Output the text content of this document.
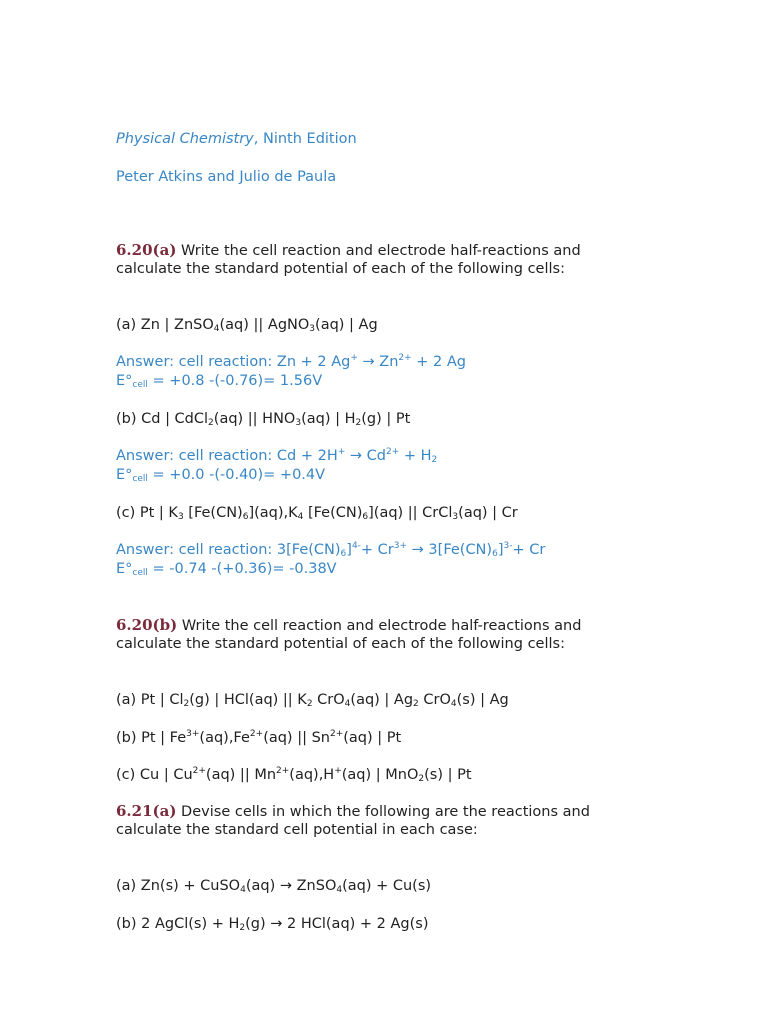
Physical Chemistry, Ninth Edition
Peter Atkins and Julio de Paula
6.20(a) Write the cell reaction and electrode half-reactions and
calculate the standard potential of each of the following cells:
(a) Zn | ZnSO$_4$(aq) || AgNO$_3$(aq) | Ag
Answer: cell reaction: Zn + 2 $Ag^+ \to Zn^{2+} + 2$ Ag
$E^\circ_{cell} = +0.8$ -(-0.76)= 1.56V
(b) Cd | CdCl$_2$(aq) || $HNO_3(aq)$ | $H_2(g)$ | Pt
Answer: cell reaction: $Cd + 2H^+ \to Cd^{2+} + H_2$
$E^\circ_{cell} = +0.0$ -(-0.40)= +0.4V
(c) Pt | $K_3$ $[Fe(CN)_6](aq),K_4$ $[Fe(CN)_6](aq)$ || CrCl$_3$(aq) | Cr
Answer: cell reaction: $3[Fe(CN)_6]^{4-}+ Cr^{3+} \to 3[Fe(CN)_6]^{3-}+ Cr$
$E^\circ_{cell} = -0.74$ -(+0.36)= -0.38V
6.20(b) Write the cell reaction and electrode half-reactions and
calculate the standard potential of each of the following cells:
(a) Pt | $Cl_2(g)$ | HCl(aq) || $K_2$ CrO$_4$(aq) | $Ag_2$ CrO$_4$(s) | Ag
(b) Pt | $Fe^{3+}(aq),Fe^{2+}(aq)$ || $Sn^{2+}(aq)$ | Pt
(c) Cu | $Cu^{2+}(aq)$ || $Mn^{2+}(aq),H^+(aq)$ | MnO$_2$(s) | Pt
6.21(a) Devise cells in which the following are the reactions and
calculate the standard cell potential in each case:
(a) Zn(s) + CuSO$_4$(aq) → ZnSO$_4$(aq) + Cu(s)
(b) 2 AgCl(s) + $H_2(g) \to 2$ HCl(aq) + 2 Ag(s)
